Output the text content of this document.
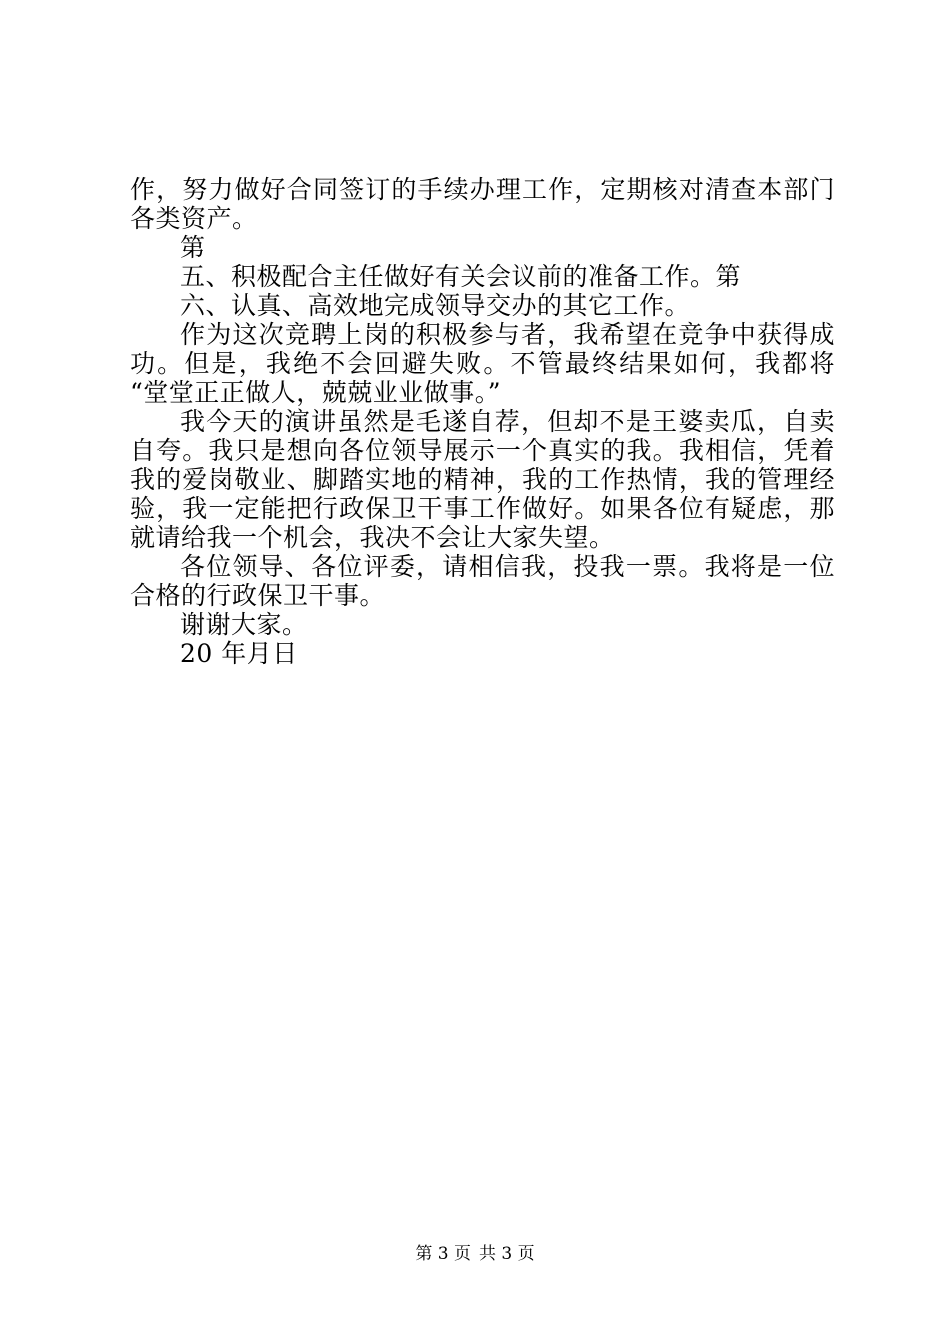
作，努力做好合同签订的手续办理工作，定期核对清查本部门
各类资产。
第
五、积极配合主任做好有关会议前的准备工作。第
六、认真、高效地完成领导交办的其它工作。
作为这次竞聘上岗的积极参与者，我希望在竞争中获得成
功。但是，我绝不会回避失败。不管最终结果如何，我都将
“堂堂正正做人，兢兢业业做事。”
我今天的演讲虽然是毛遂自荐，但却不是王婆卖瓜，自卖
自夸。我只是想向各位领导展示一个真实的我。我相信，凭着
我的爱岗敬业、脚踏实地的精神，我的工作热情，我的管理经
验，我一定能把行政保卫干事工作做好。如果各位有疑虑，那
就请给我一个机会，我决不会让大家失望。
各位领导、各位评委，请相信我，投我一票。我将是一位
合格的行政保卫干事。
谢谢大家。
20 年月日
第 3 页 共 3 页
